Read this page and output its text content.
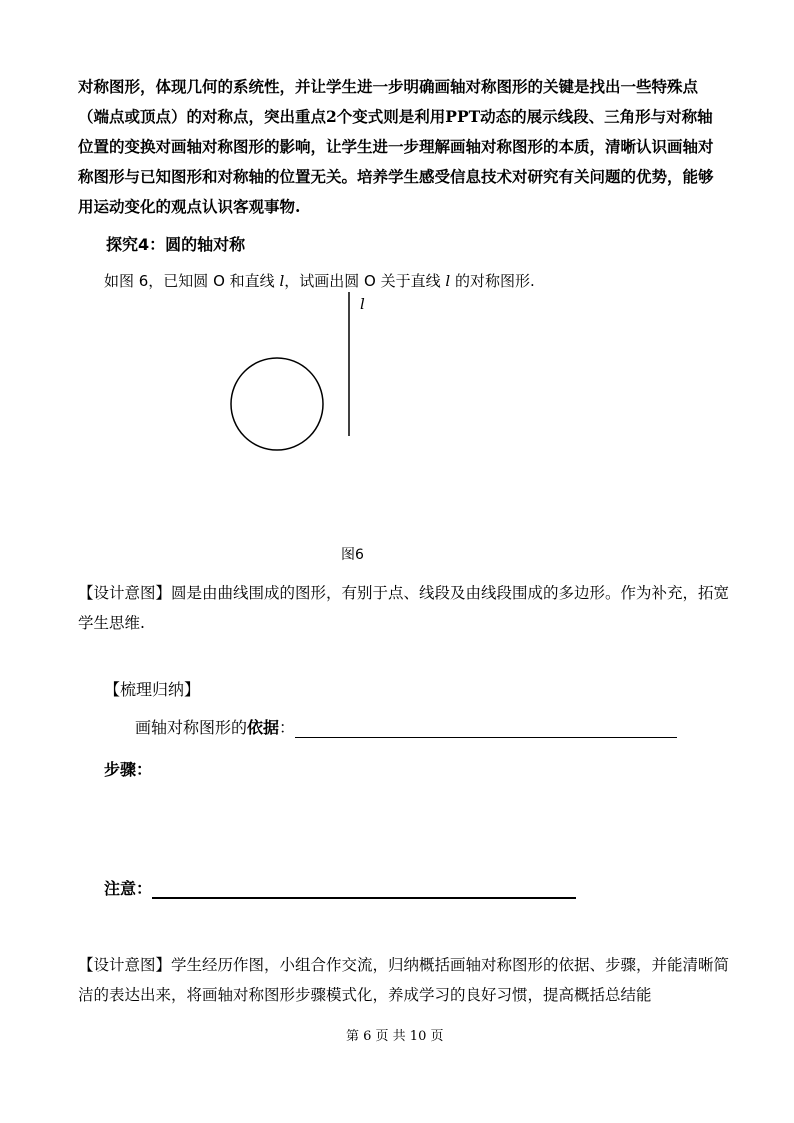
对称图形，体现几何的系统性，并让学生进一步明确画轴对称图形的关键是找出一些特殊点（端点或顶点）的对称点，突出重点2个变式则是利用PPT动态的展示线段、三角形与对称轴位置的变换对画轴对称图形的影响，让学生进一步理解画轴对称图形的本质，清晰认识画轴对称图形与已知图形和对称轴的位置无关。培养学生感受信息技术对研究有关问题的优势，能够用运动变化的观点认识客观事物.
探究4：圆的轴对称
如图 6，已知圆 O 和直线 l，试画出圆 O 关于直线 l 的对称图形.
l
图6
【设计意图】圆是由曲线围成的图形，有别于点、线段及由线段围成的多边形。作为补充，拓宽学生思维.
【梳理归纳】
画轴对称图形的依据：
步骤：
注意：
【设计意图】学生经历作图，小组合作交流，归纳概括画轴对称图形的依据、步骤，并能清晰简洁的表达出来，将画轴对称图形步骤模式化，养成学习的良好习惯，提高概括总结能
第 6 页 共 10 页
